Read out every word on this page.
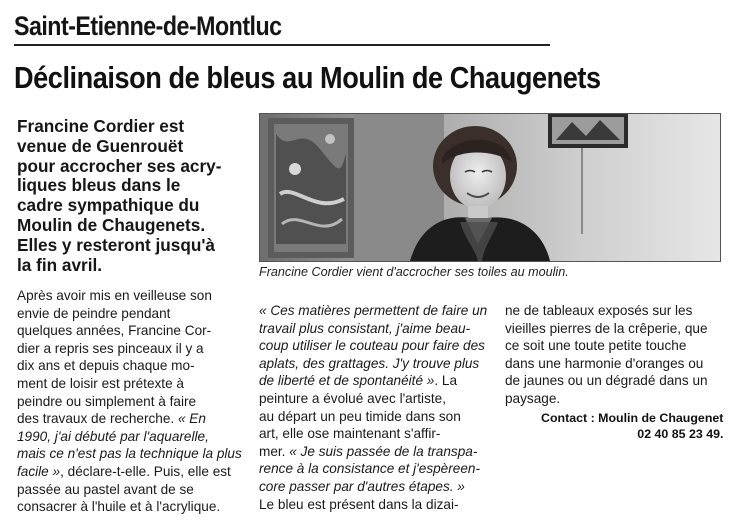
Saint-Etienne-de-Montluc
Déclinaison de bleus au Moulin de Chaugenets
Francine Cordier est
venue de Guenrouët
pour accrocher ses acry-
liques bleus dans le
cadre sympathique du
Moulin de Chaugenets.
Elles y resteront jusqu'à
la fin avril.
Après avoir mis en veilleuse son
envie de peindre pendant
quelques années, Francine Cor-
dier a repris ses pinceaux il y a
dix ans et depuis chaque mo-
ment de loisir est prétexte à
peindre ou simplement à faire
des travaux de recherche. « En
1990, j'ai débuté par l'aquarelle,
mais ce n'est pas la technique la plus
facile », déclare-t-elle. Puis, elle est
passée au pastel avant de se
consacrer à l'huile et à l'acrylique.
Francine Cordier vient d'accrocher ses toiles au moulin.
« Ces matières permettent de faire un
travail plus consistant, j'aime beau-
coup utiliser le couteau pour faire des
aplats, des grattages. J'y trouve plus
de liberté et de spontanéité ». La
peinture a évolué avec l'artiste,
au départ un peu timide dans son
art, elle ose maintenant s'affir-
mer. « Je suis passée de la transpa-
rence à la consistance et j'espèreen-
core passer par d'autres étapes. »
Le bleu est présent dans la dizai-
ne de tableaux exposés sur les
vieilles pierres de la crêperie, que
ce soit une toute petite touche
dans une harmonie d'oranges ou
de jaunes ou un dégradé dans un
paysage.
Contact : Moulin de Chaugenet
02 40 85 23 49.
